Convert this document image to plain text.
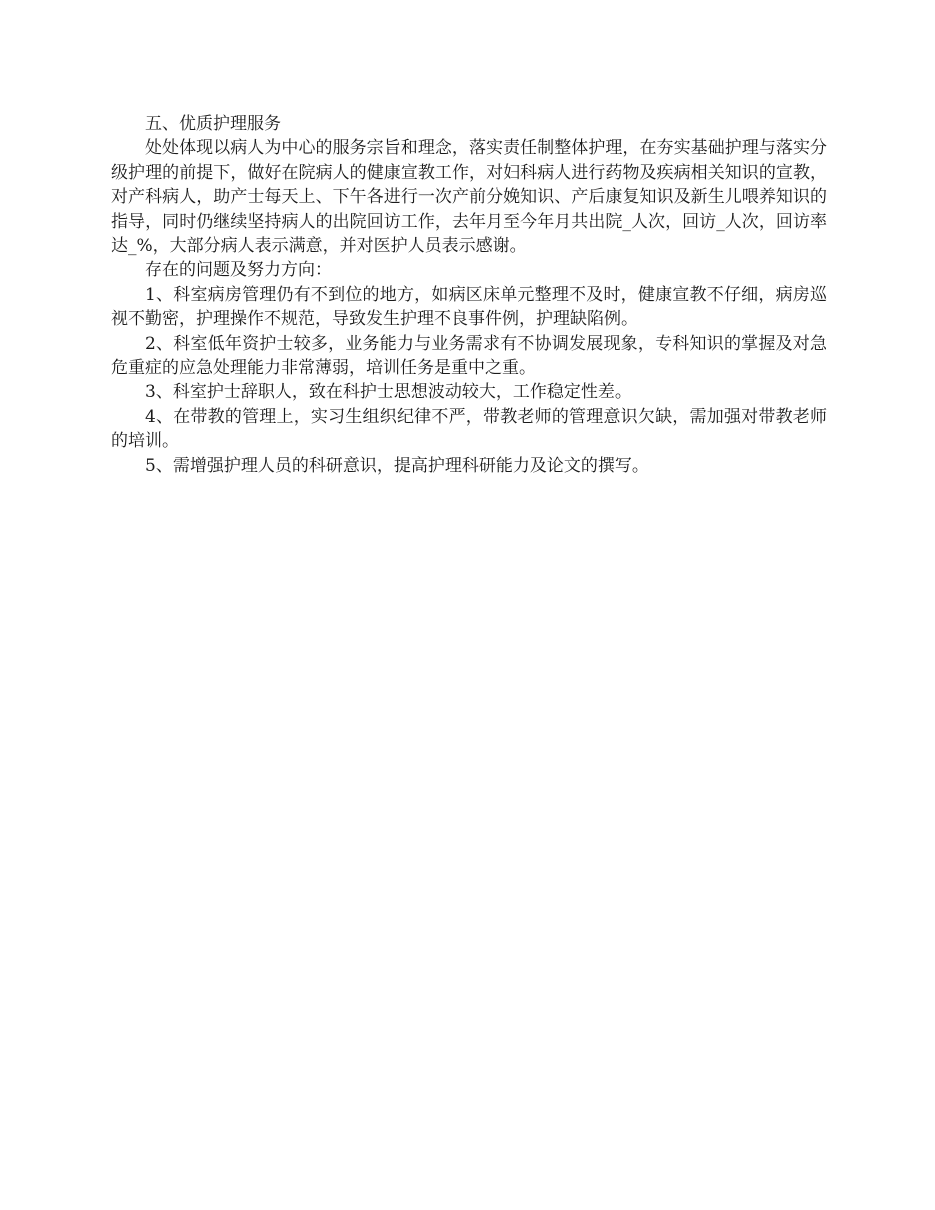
五、优质护理服务

处处体现以病人为中心的服务宗旨和理念，落实责任制整体护理，在夯实基础护理与落实分级护理的前提下，做好在院病人的健康宣教工作，对妇科病人进行药物及疾病相关知识的宣教，对产科病人，助产士每天上、下午各进行一次产前分娩知识、产后康复知识及新生儿喂养知识的指导，同时仍继续坚持病人的出院回访工作，去年月至今年月共出院_人次，回访_人次，回访率达_%，大部分病人表示满意，并对医护人员表示感谢。

存在的问题及努力方向：

1、科室病房管理仍有不到位的地方，如病区床单元整理不及时，健康宣教不仔细，病房巡视不勤密，护理操作不规范，导致发生护理不良事件例，护理缺陷例。

2、科室低年资护士较多，业务能力与业务需求有不协调发展现象，专科知识的掌握及对急危重症的应急处理能力非常薄弱，培训任务是重中之重。

3、科室护士辞职人，致在科护士思想波动较大，工作稳定性差。

4、在带教的管理上，实习生组织纪律不严，带教老师的管理意识欠缺，需加强对带教老师的培训。

5、需增强护理人员的科研意识，提高护理科研能力及论文的撰写。
